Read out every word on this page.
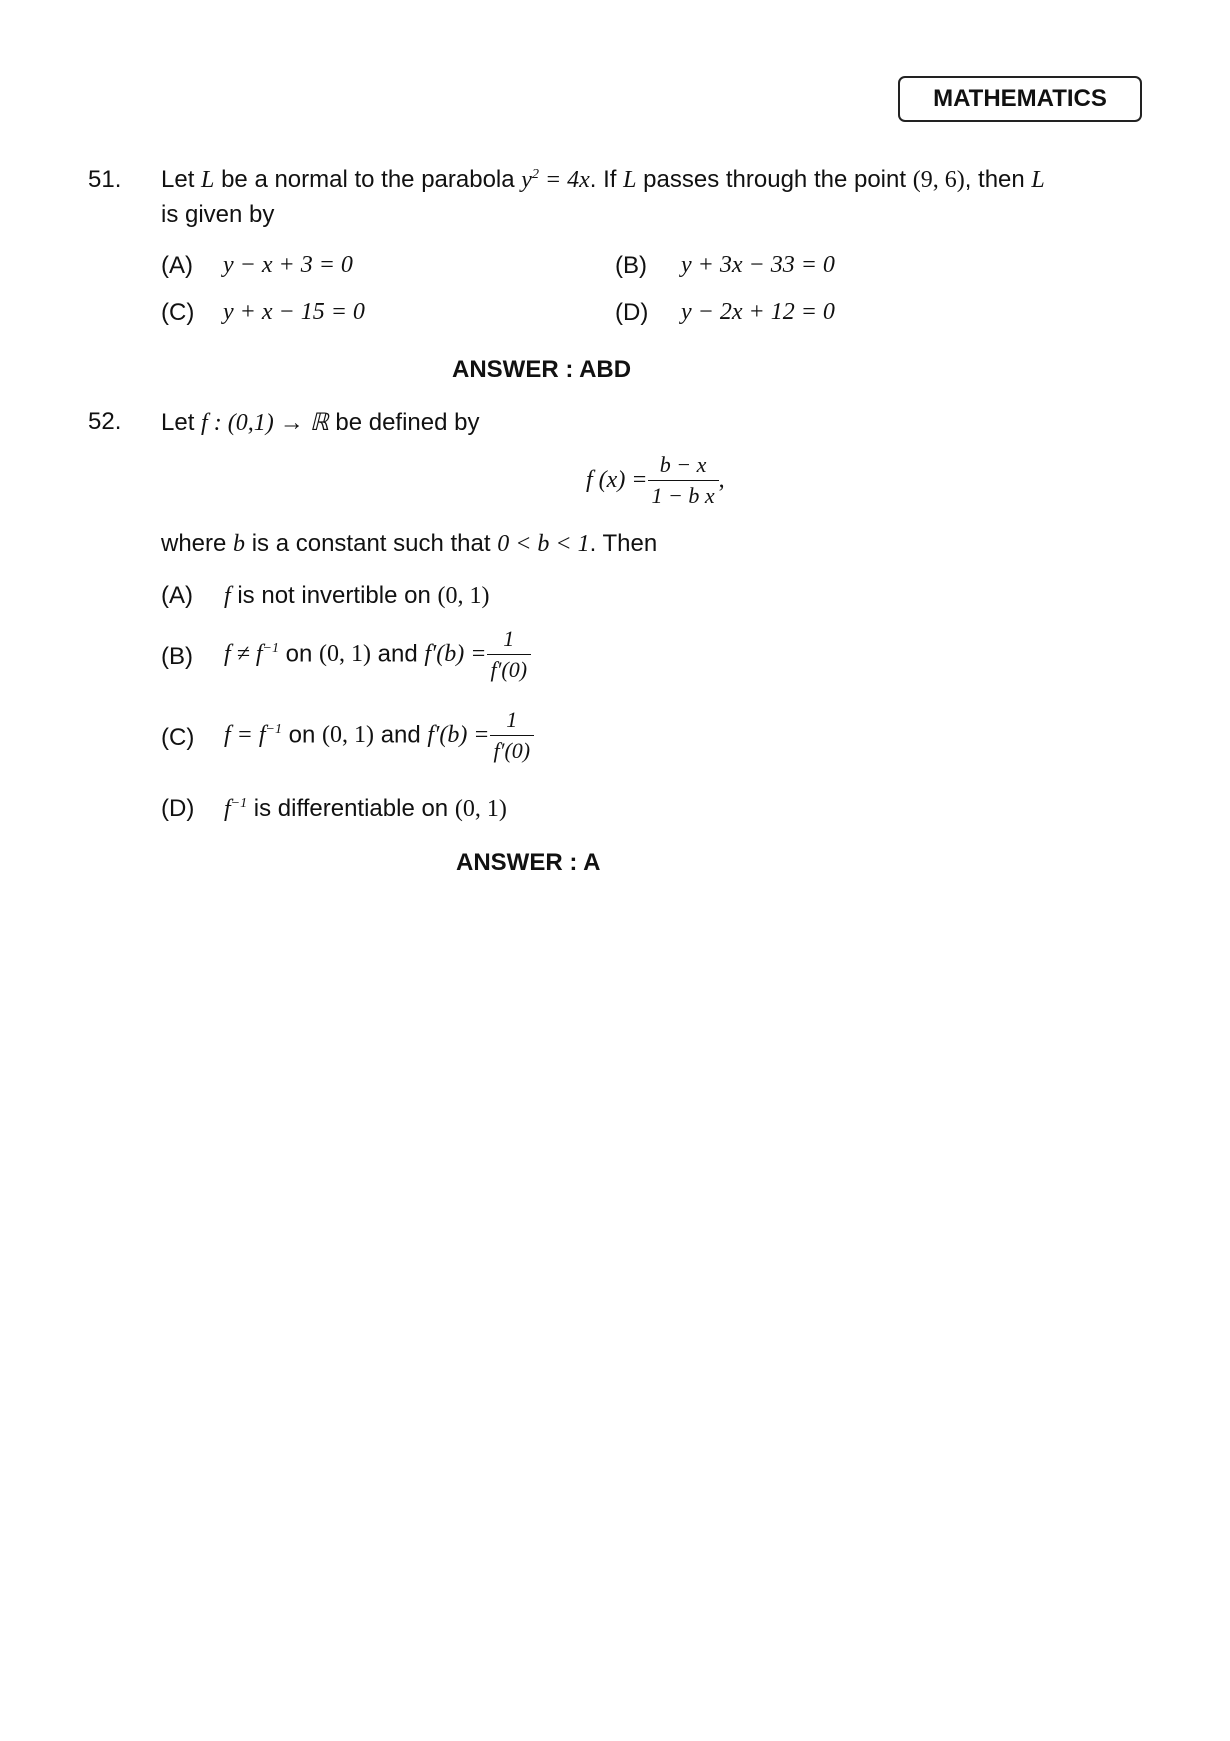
MATHEMATICS
51. Let L be a normal to the parabola $y^2 = 4x$. If L passes through the point (9, 6), then L
is given by
(A) y − x + 3 = 0	(B) y + 3x − 33 = 0
(C) y + x − 15 = 0	(D) y − 2x + 12 = 0
ANSWER : ABD
52. Let f : (0,1) → ℝ be defined by
f $(x) = \frac{b - x}{\text{1 − b x}}$ ,
where b is a constant such that 0 < b < 1. Then
(A) f is not invertible on (0, 1)
(B) $f \ne f^{-1}$ on (0, 1) and $f'(b) = \frac{1}{f'(0)}$
(C) $f = f^{-1}$ on (0, 1) and $f'(b) = \frac{1}{f'(0)}$
(D) $f^{-1}$ is differentiable on (0, 1)
ANSWER : A
